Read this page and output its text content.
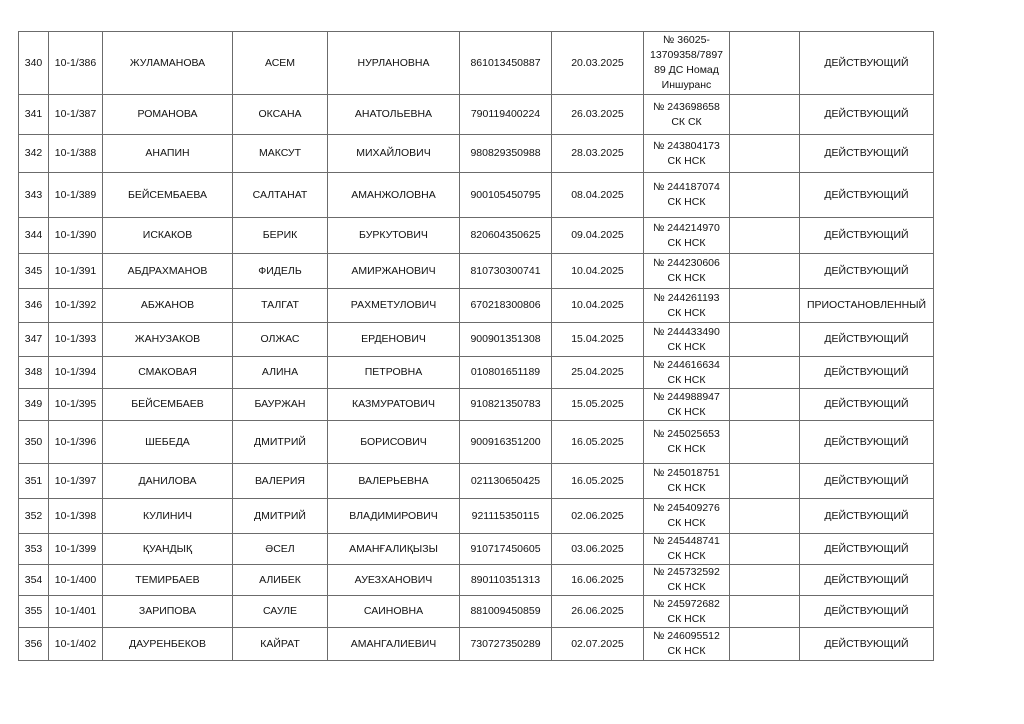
340	10-1/386	ЖУЛАМАНОВА	АСЕМ	НУРЛАНОВНА	861013450887	20.03.2025	№ 36025-
13709358/7897
89 ДС Номад
Иншуранс		ДЕЙСТВУЮЩИЙ
341	10-1/387	РОМАНОВА	ОКСАНА	АНАТОЛЬЕВНА	790119400224	26.03.2025	№ 243698658
СК СК		ДЕЙСТВУЮЩИЙ
342	10-1/388	АНАПИН	МАКСУТ	МИХАЙЛОВИЧ	980829350988	28.03.2025	№ 243804173
СК НСК		ДЕЙСТВУЮЩИЙ
343	10-1/389	БЕЙСЕМБАЕВА	САЛТАНАТ	АМАНЖОЛОВНА	900105450795	08.04.2025	№ 244187074
СК НСК		ДЕЙСТВУЮЩИЙ
344	10-1/390	ИСКАКОВ	БЕРИК	БУРКУТОВИЧ	820604350625	09.04.2025	№ 244214970
СК НСК		ДЕЙСТВУЮЩИЙ
345	10-1/391	АБДРАХМАНОВ	ФИДЕЛЬ	АМИРЖАНОВИЧ	810730300741	10.04.2025	№ 244230606
СК НСК		ДЕЙСТВУЮЩИЙ
346	10-1/392	АБЖАНОВ	ТАЛГАТ	РАХМЕТУЛОВИЧ	670218300806	10.04.2025	№ 244261193
СК НСК		ПРИОСТАНОВЛЕННЫЙ
347	10-1/393	ЖАНУЗАКОВ	ОЛЖАС	ЕРДЕНОВИЧ	900901351308	15.04.2025	№ 244433490
СК НСК		ДЕЙСТВУЮЩИЙ
348	10-1/394	СМАКОВАЯ	АЛИНА	ПЕТРОВНА	010801651189	25.04.2025	№ 244616634
СК НСК		ДЕЙСТВУЮЩИЙ
349	10-1/395	БЕЙСЕМБАЕВ	БАУРЖАН	КАЗМУРАТОВИЧ	910821350783	15.05.2025	№ 244988947
СК НСК		ДЕЙСТВУЮЩИЙ
350	10-1/396	ШЕБЕДА	ДМИТРИЙ	БОРИСОВИЧ	900916351200	16.05.2025	№ 245025653
СК НСК		ДЕЙСТВУЮЩИЙ
351	10-1/397	ДАНИЛОВА	ВАЛЕРИЯ	ВАЛЕРЬЕВНА	021130650425	16.05.2025	№ 245018751
СК НСК		ДЕЙСТВУЮЩИЙ
352	10-1/398	КУЛИНИЧ	ДМИТРИЙ	ВЛАДИМИРОВИЧ	921115350115	02.06.2025	№ 245409276
СК НСК		ДЕЙСТВУЮЩИЙ
353	10-1/399	ҚУАНДЫҚ	ӘСЕЛ	АМАНҒАЛИҚЫЗЫ	910717450605	03.06.2025	№ 245448741
СК НСК		ДЕЙСТВУЮЩИЙ
354	10-1/400	ТЕМИРБАЕВ	АЛИБЕК	АУЕЗХАНОВИЧ	890110351313	16.06.2025	№ 245732592
СК НСК		ДЕЙСТВУЮЩИЙ
355	10-1/401	ЗАРИПОВА	САУЛЕ	САИНОВНА	881009450859	26.06.2025	№ 245972682
СК НСК		ДЕЙСТВУЮЩИЙ
356	10-1/402	ДАУРЕНБЕКОВ	КАЙРАТ	АМАНГАЛИЕВИЧ	730727350289	02.07.2025	№ 246095512
СК НСК		ДЕЙСТВУЮЩИЙ
